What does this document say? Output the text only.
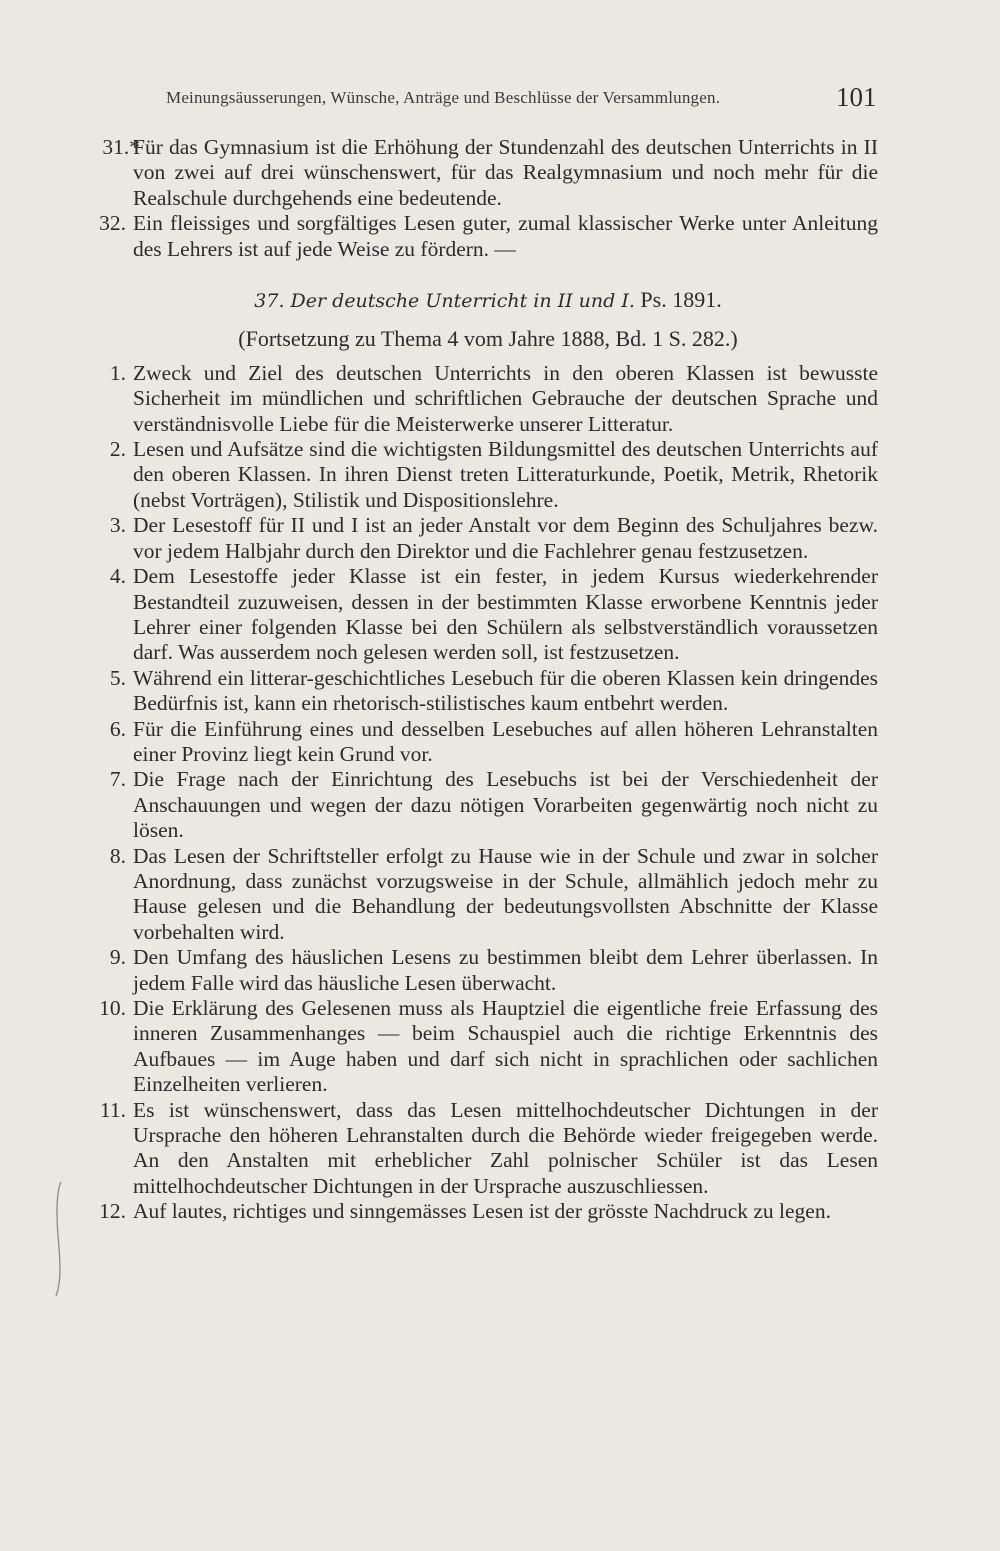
Meinungsäusserungen, Wünsche, Anträge und Beschlüsse der Versammlungen.	101
31.*
Für das Gymnasium ist die Erhöhung der Stundenzahl des deutschen Unterrichts in II von zwei auf drei wünschenswert, für das Realgymnasium und noch mehr für die Realschule durchgehends eine bedeutende.
32. Ein fleissiges und sorgfältiges Lesen guter, zumal klassischer Werke unter Anleitung des Lehrers ist auf jede Weise zu fördern. —
37. Der deutsche Unterricht in II und I. Ps. 1891.
(Fortsetzung zu Thema 4 vom Jahre 1888, Bd. 1 S. 282.)
1. Zweck und Ziel des deutschen Unterrichts in den oberen Klassen ist bewusste Sicherheit im mündlichen und schriftlichen Gebrauche der deutschen Sprache und verständnisvolle Liebe für die Meisterwerke unserer Litteratur.
2. Lesen und Aufsätze sind die wichtigsten Bildungsmittel des deutschen Unterrichts auf den oberen Klassen. In ihren Dienst treten Litteraturkunde, Poetik, Metrik, Rhetorik (nebst Vorträgen), Stilistik und Dispositionslehre.
3. Der Lesestoff für II und I ist an jeder Anstalt vor dem Beginn des Schuljahres bezw. vor jedem Halbjahr durch den Direktor und die Fachlehrer genau festzusetzen.
4. Dem Lesestoffe jeder Klasse ist ein fester, in jedem Kursus wiederkehrender Bestandteil zuzuweisen, dessen in der bestimmten Klasse erworbene Kenntnis jeder Lehrer einer folgenden Klasse bei den Schülern als selbstverständlich voraussetzen darf. Was ausserdem noch gelesen werden soll, ist festzusetzen.
5. Während ein litterar-geschichtliches Lesebuch für die oberen Klassen kein dringendes Bedürfnis ist, kann ein rhetorisch-stilistisches kaum entbehrt werden.
6. Für die Einführung eines und desselben Lesebuches auf allen höheren Lehranstalten einer Provinz liegt kein Grund vor.
7. Die Frage nach der Einrichtung des Lesebuchs ist bei der Verschiedenheit der Anschauungen und wegen der dazu nötigen Vorarbeiten gegenwärtig noch nicht zu lösen.
8. Das Lesen der Schriftsteller erfolgt zu Hause wie in der Schule und zwar in solcher Anordnung, dass zunächst vorzugsweise in der Schule, allmählich jedoch mehr zu Hause gelesen und die Behandlung der bedeutungsvollsten Abschnitte der Klasse vorbehalten wird.
9. Den Umfang des häuslichen Lesens zu bestimmen bleibt dem Lehrer überlassen. In jedem Falle wird das häusliche Lesen überwacht.
10. Die Erklärung des Gelesenen muss als Hauptziel die eigentliche freie Erfassung des inneren Zusammenhanges — beim Schauspiel auch die richtige Erkenntnis des Aufbaues — im Auge haben und darf sich nicht in sprachlichen oder sachlichen Einzelheiten verlieren.
11. Es ist wünschenswert, dass das Lesen mittelhochdeutscher Dichtungen in der Ursprache den höheren Lehranstalten durch die Behörde wieder freigegeben werde. An den Anstalten mit erheblicher Zahl polnischer Schüler ist das Lesen mittelhochdeutscher Dichtungen in der Ursprache auszuschliessen.
12. Auf lautes, richtiges und sinngemässes Lesen ist der grösste Nachdruck zu legen.
